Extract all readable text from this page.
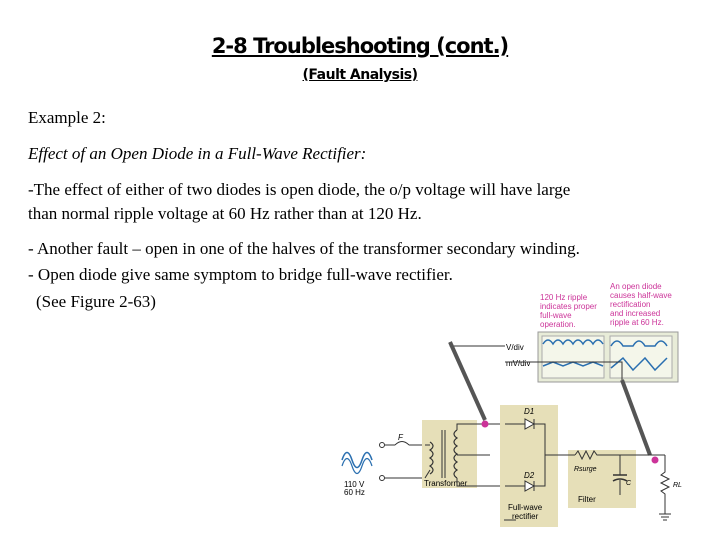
2-8 Troubleshooting (cont.)
(Fault Analysis)
Example 2:
Effect of an Open Diode in a Full-Wave Rectifier:
-The effect of either of two diodes is open diode, the o/p voltage will have large
than normal ripple voltage at 60 Hz rather than at 120 Hz.
- Another fault – open in one of the halves of the transformer secondary winding.
- Open diode give same symptom to bridge full-wave rectifier.
(See Figure 2-63)	120 Hz ripple
indicates proper
full-wave
operation.
An open diode
causes half-wave
rectification
and increased
ripple at 60 Hz.
V/div
mV/div
110 V
60 Hz
F
Transformer
D1
D2
Full-wave
rectifier
Rsurge
C
Filter
RL
